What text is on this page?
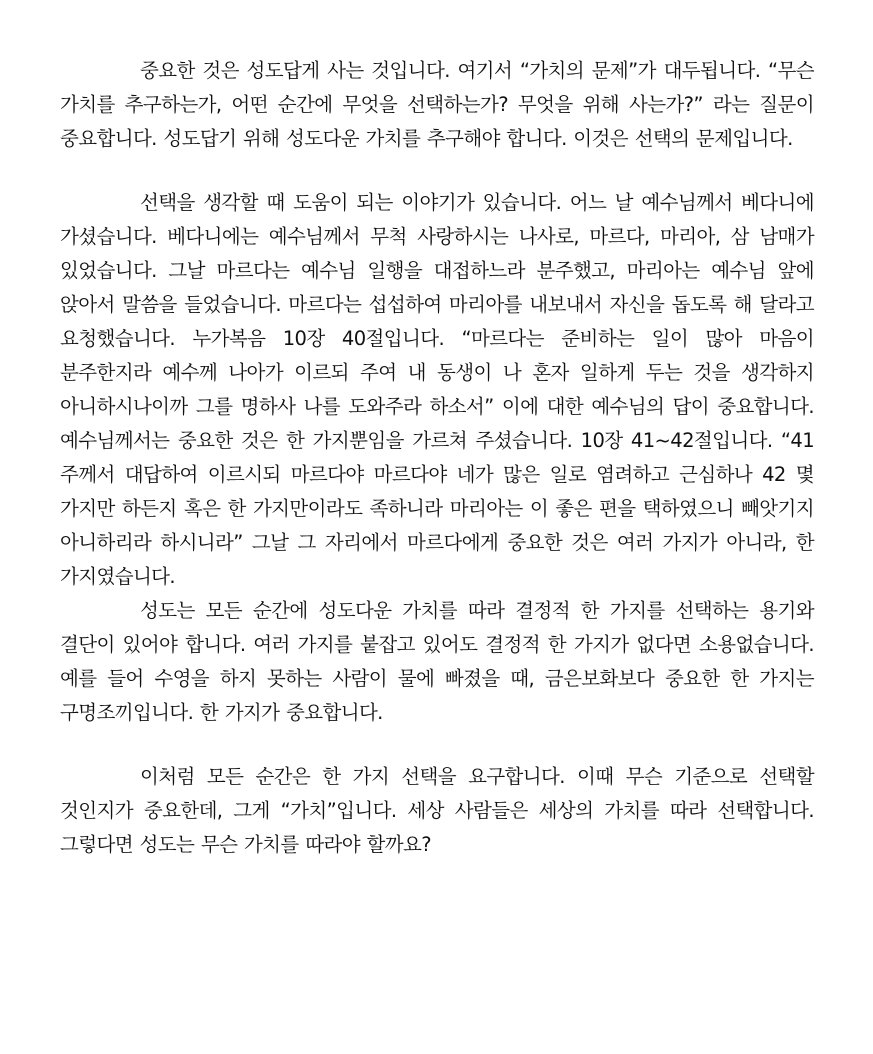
중요한 것은 성도답게 사는 것입니다. 여기서 “가치의 문제”가 대두됩니다. “무슨 가치를 추구하는가, 어떤 순간에 무엇을 선택하는가? 무엇을 위해 사는가?” 라는 질문이 중요합니다. 성도답기 위해 성도다운 가치를 추구해야 합니다. 이것은 선택의 문제입니다.

선택을 생각할 때 도움이 되는 이야기가 있습니다. 어느 날 예수님께서 베다니에 가셨습니다. 베다니에는 예수님께서 무척 사랑하시는 나사로, 마르다, 마리아, 삼 남매가 있었습니다. 그날 마르다는 예수님 일행을 대접하느라 분주했고, 마리아는 예수님 앞에 앉아서 말씀을 들었습니다. 마르다는 섭섭하여 마리아를 내보내서 자신을 돕도록 해 달라고 요청했습니다. 누가복음 10장 40절입니다. “마르다는 준비하는 일이 많아 마음이 분주한지라 예수께 나아가 이르되 주여 내 동생이 나 혼자 일하게 두는 것을 생각하지 아니하시나이까 그를 명하사 나를 도와주라 하소서” 이에 대한 예수님의 답이 중요합니다. 예수님께서는 중요한 것은 한 가지뿐임을 가르쳐 주셨습니다. 10장 41~42절입니다. “41 주께서 대답하여 이르시되 마르다야 마르다야 네가 많은 일로 염려하고 근심하나 42 몇 가지만 하든지 혹은 한 가지만이라도 족하니라 마리아는 이 좋은 편을 택하였으니 빼앗기지 아니하리라 하시니라” 그날 그 자리에서 마르다에게 중요한 것은 여러 가지가 아니라, 한 가지였습니다.

성도는 모든 순간에 성도다운 가치를 따라 결정적 한 가지를 선택하는 용기와 결단이 있어야 합니다. 여러 가지를 붙잡고 있어도 결정적 한 가지가 없다면 소용없습니다. 예를 들어 수영을 하지 못하는 사람이 물에 빠졌을 때, 금은보화보다 중요한 한 가지는 구명조끼입니다. 한 가지가 중요합니다.

이처럼 모든 순간은 한 가지 선택을 요구합니다. 이때 무슨 기준으로 선택할 것인지가 중요한데, 그게 “가치”입니다. 세상 사람들은 세상의 가치를 따라 선택합니다. 그렇다면 성도는 무슨 가치를 따라야 할까요?
